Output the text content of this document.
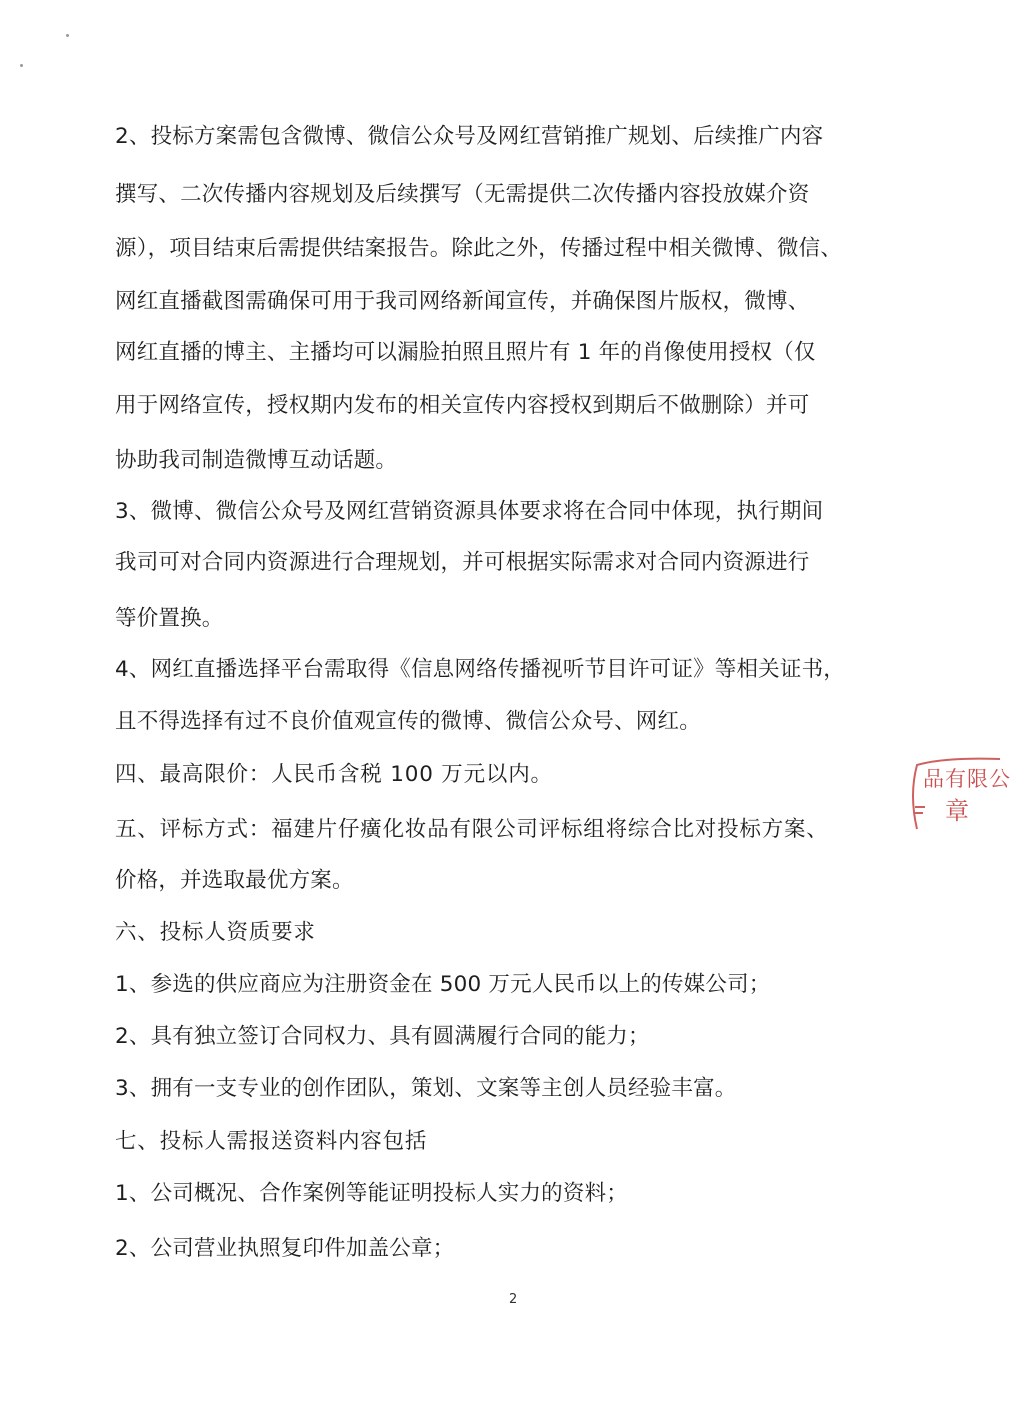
2、投标方案需包含微博、微信公众号及网红营销推广规划、后续推广内容
撰写、二次传播内容规划及后续撰写（无需提供二次传播内容投放媒介资
源），项目结束后需提供结案报告。除此之外，传播过程中相关微博、微信、
网红直播截图需确保可用于我司网络新闻宣传，并确保图片版权，微博、
网红直播的博主、主播均可以漏脸拍照且照片有 1 年的肖像使用授权（仅
用于网络宣传，授权期内发布的相关宣传内容授权到期后不做删除）并可
协助我司制造微博互动话题。
3、微博、微信公众号及网红营销资源具体要求将在合同中体现，执行期间
我司可对合同内资源进行合理规划，并可根据实际需求对合同内资源进行
等价置换。
4、网红直播选择平台需取得《信息网络传播视听节目许可证》等相关证书，
且不得选择有过不良价值观宣传的微博、微信公众号、网红。
四、最高限价：人民币含税 100 万元以内。
五、评标方式：福建片仔癀化妆品有限公司评标组将综合比对投标方案、
价格，并选取最优方案。
六、投标人资质要求
1、参选的供应商应为注册资金在 500 万元人民币以上的传媒公司；
2、具有独立签订合同权力、具有圆满履行合同的能力；
3、拥有一支专业的创作团队，策划、文案等主创人员经验丰富。
七、投标人需报送资料内容包括
1、公司概况、合作案例等能证明投标人实力的资料；
2、公司营业执照复印件加盖公章；
品有限公
章
2
